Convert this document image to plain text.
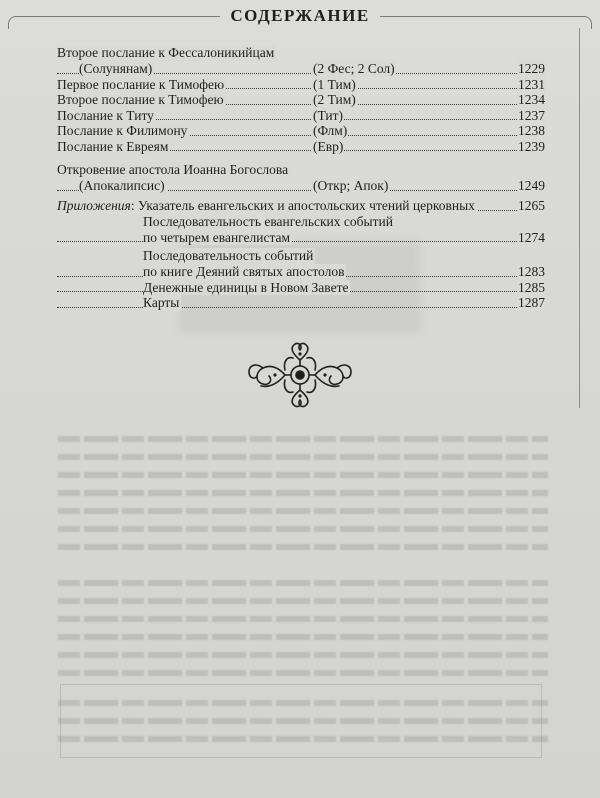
СОДЕРЖАНИЕ
Второе послание к Фессалоникийцам
(Солунянам)	(2 Фес; 2 Сол)	1229
Первое послание к Тимофею	(1 Тим)	1231
Второе послание к Тимофею	(2 Тим)	1234
Послание к Титу	(Тит)	1237
Послание к Филимону	(Флм)	1238
Послание к Евреям	(Евр)	1239
Откровение апостола Иоанна Богослова
(Апокалипсис)	(Откр; Апок)	1249
Приложения: Указатель евангельских и апостольских чтений церковных	1265
Последовательность евангельских событий
по четырем евангелистам	1274
Последовательность событий
по книге Деяний святых апостолов	1283
Денежные единицы в Новом Завете	1285
Карты	1287
